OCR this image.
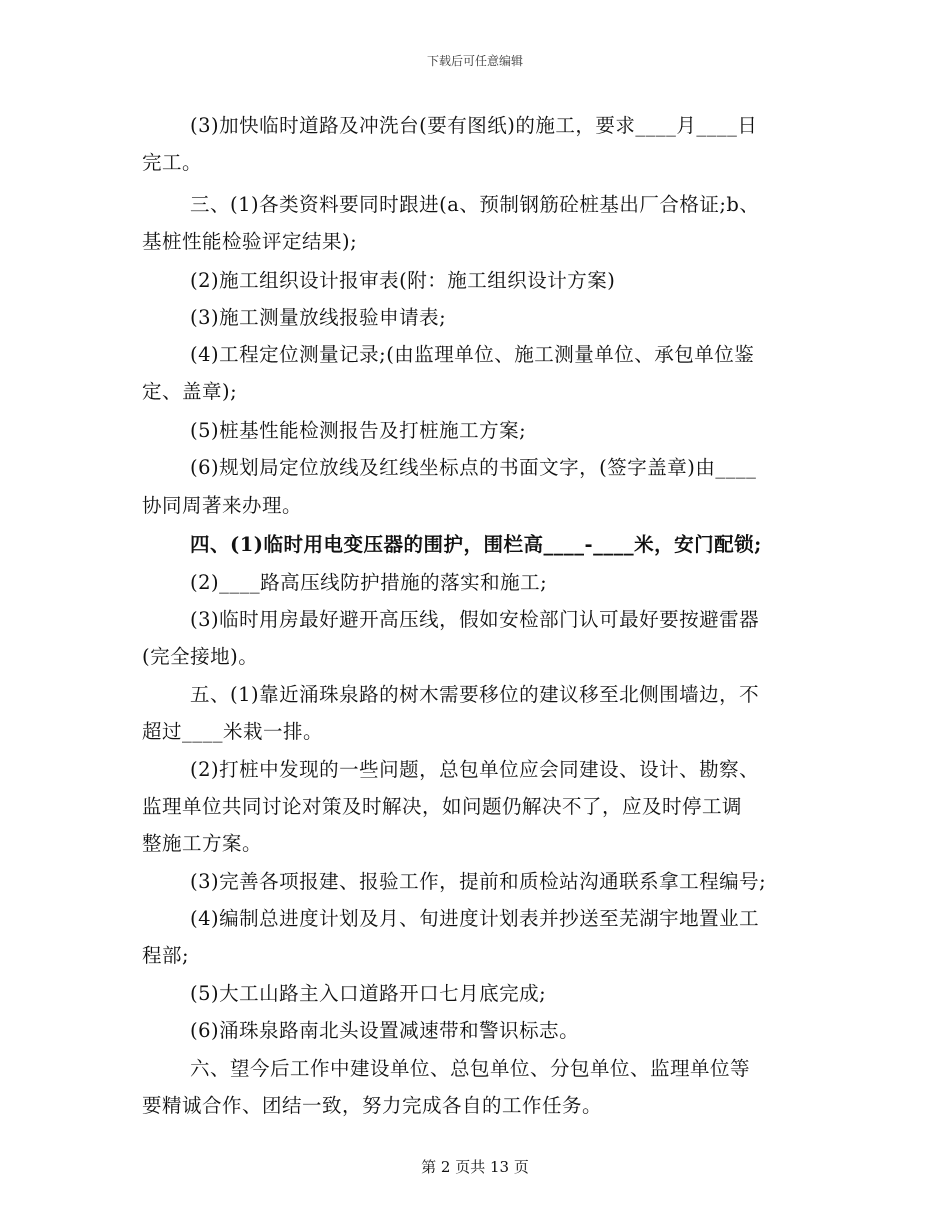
下载后可任意编辑
(3)加快临时道路及冲洗台(要有图纸)的施工，要求____月____日
完工。
三、(1)各类资料要同时跟进(a、预制钢筋砼桩基出厂合格证;b、
基桩性能检验评定结果);
(2)施工组织设计报审表(附：施工组织设计方案)
(3)施工测量放线报验申请表;
(4)工程定位测量记录;(由监理单位、施工测量单位、承包单位鉴
定、盖章);
(5)桩基性能检测报告及打桩施工方案;
(6)规划局定位放线及红线坐标点的书面文字，(签字盖章)由____
协同周著来办理。
四、(1)临时用电变压器的围护，围栏高____-____米，安门配锁;
(2)____路高压线防护措施的落实和施工;
(3)临时用房最好避开高压线，假如安检部门认可最好要按避雷器
(完全接地)。
五、(1)靠近涌珠泉路的树木需要移位的建议移至北侧围墙边，不
超过____米栽一排。
(2)打桩中发现的一些问题，总包单位应会同建设、设计、勘察、
监理单位共同讨论对策及时解决，如问题仍解决不了，应及时停工调
整施工方案。
(3)完善各项报建、报验工作，提前和质检站沟通联系拿工程编号;
(4)编制总进度计划及月、旬进度计划表并抄送至芜湖宇地置业工
程部;
(5)大工山路主入口道路开口七月底完成;
(6)涌珠泉路南北头设置减速带和警识标志。
六、望今后工作中建设单位、总包单位、分包单位、监理单位等
要精诚合作、团结一致，努力完成各自的工作任务。
第 2 页共 13 页
